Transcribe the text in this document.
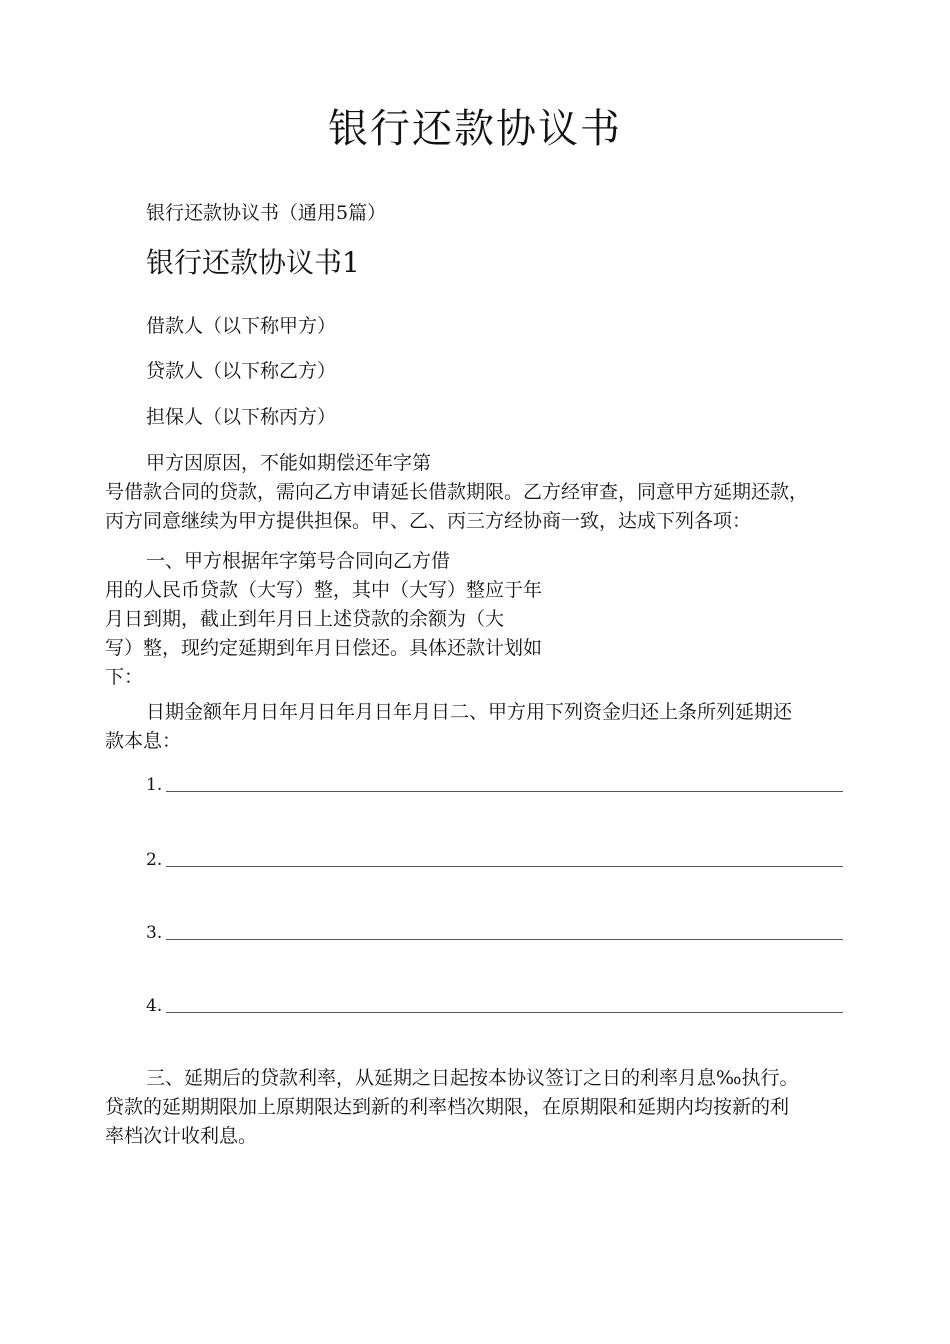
银行还款协议书
银行还款协议书（通用5篇）
银行还款协议书1
借款人（以下称甲方）
贷款人（以下称乙方）
担保人（以下称丙方）
甲方因原因，不能如期偿还年字第
号借款合同的贷款，需向乙方申请延长借款期限。乙方经审查，同意甲方延期还款，
丙方同意继续为甲方提供担保。甲、乙、丙三方经协商一致，达成下列各项：
一、甲方根据年字第号合同向乙方借
用的人民币贷款（大写）整，其中（大写）整应于年
月日到期，截止到年月日上述贷款的余额为（大
写）整，现约定延期到年月日偿还。具体还款计划如
下：
日期金额年月日年月日年月日年月日二、甲方用下列资金归还上条所列延期还
款本息：
1.
2.
3.
4.
三、延期后的贷款利率，从延期之日起按本协议签订之日的利率月息‰执行。
贷款的延期期限加上原期限达到新的利率档次期限，在原期限和延期内均按新的利
率档次计收利息。
